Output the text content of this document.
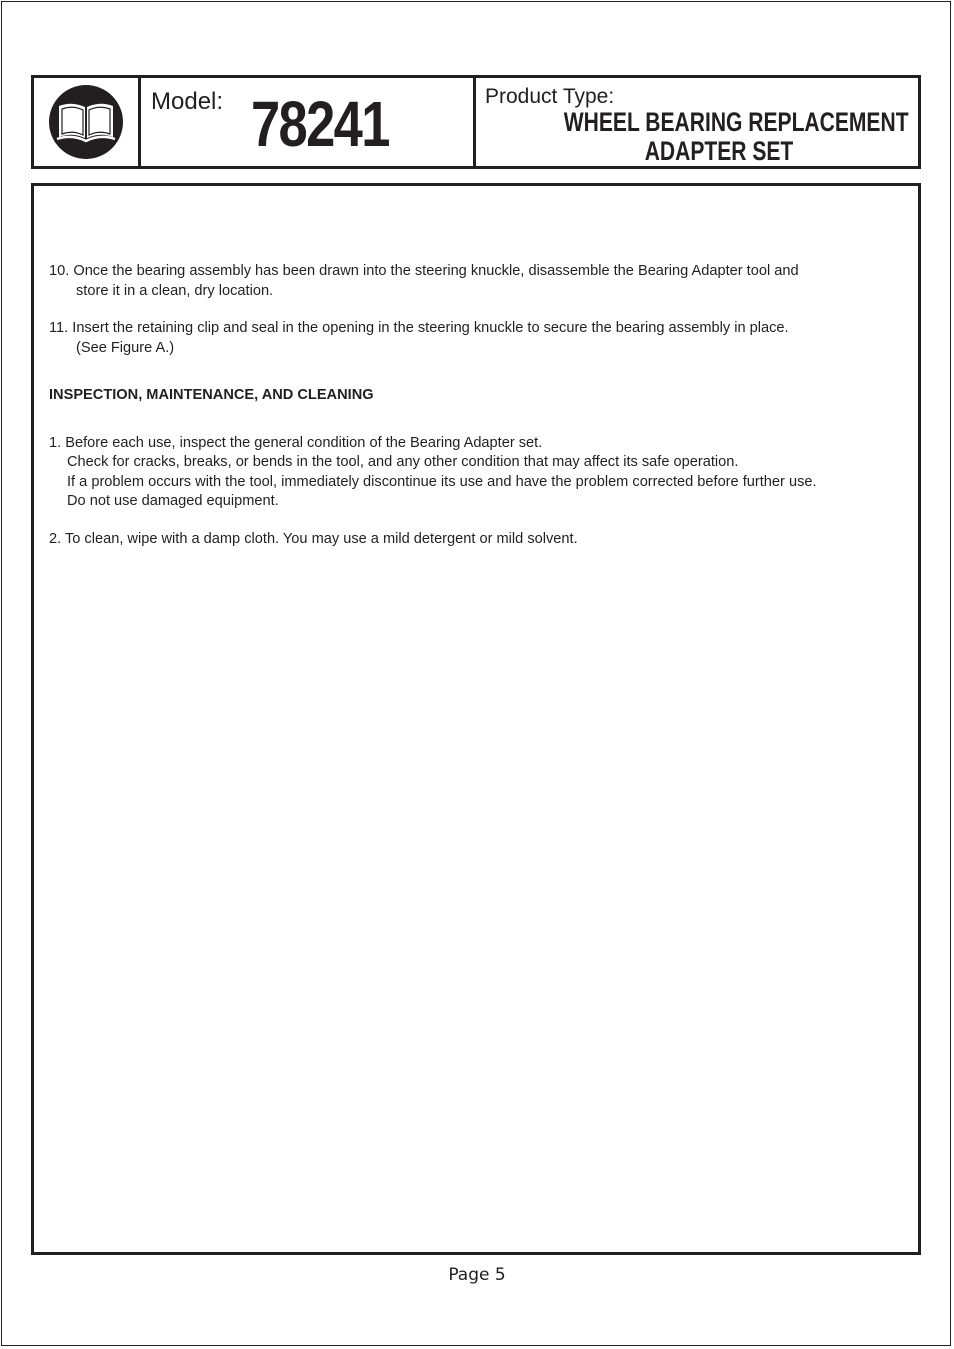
Model: 78241	Product Type:
WHEEL BEARING REPLACEMENT
ADAPTER SET

10. Once the bearing assembly has been drawn into the steering knuckle, disassemble the Bearing Adapter tool and

store it in a clean, dry location.

11. Insert the retaining clip and seal in the opening in the steering knuckle to secure the bearing assembly in place.

(See Figure A.)

INSPECTION, MAINTENANCE, AND CLEANING

1. Before each use, inspect the general condition of the Bearing Adapter set.

Check for cracks, breaks, or bends in the tool, and any other condition that may affect its safe operation.

If a problem occurs with the tool, immediately discontinue its use and have the problem corrected before further use.

Do not use damaged equipment.

2. To clean, wipe with a damp cloth. You may use a mild detergent or mild solvent.

Page 5
